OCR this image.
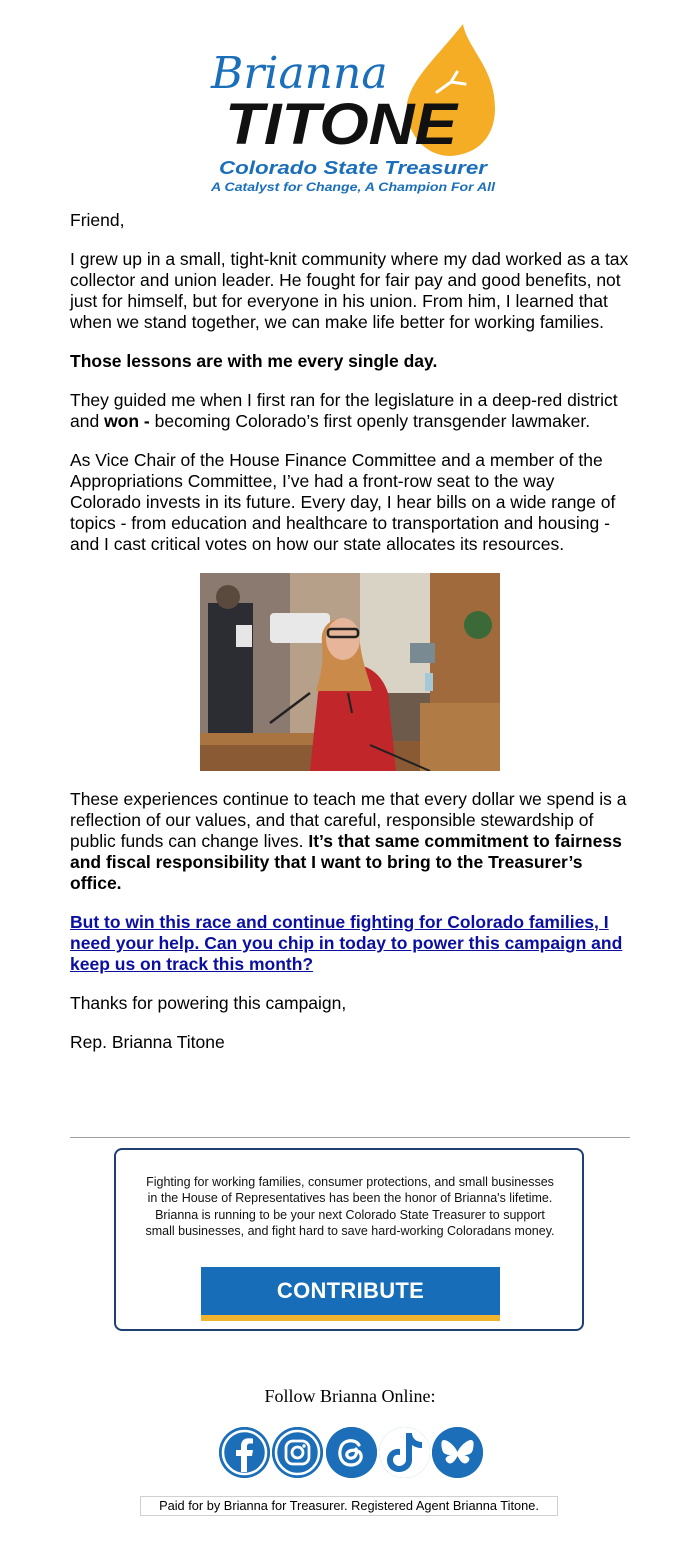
Brianna
TITONE
Colorado State Treasurer
A Catalyst for Change, A Champion For All

Friend,

I grew up in a small, tight-knit community where my dad worked as a tax collector and union leader. He fought for fair pay and good benefits, not just for himself, but for everyone in his union. From him, I learned that when we stand together, we can make life better for working families.

Those lessons are with me every single day.

They guided me when I first ran for the legislature in a deep-red district and won - becoming Colorado’s first openly transgender lawmaker.

As Vice Chair of the House Finance Committee and a member of the Appropriations Committee, I’ve had a front-row seat to the way Colorado invests in its future. Every day, I hear bills on a wide range of topics - from education and healthcare to transportation and housing - and I cast critical votes on how our state allocates its resources.

These experiences continue to teach me that every dollar we spend is a reflection of our values, and that careful, responsible stewardship of public funds can change lives. It’s that same commitment to fairness and fiscal responsibility that I want to bring to the Treasurer’s office.

But to win this race and continue fighting for Colorado families, I need your help. Can you chip in today to power this campaign and keep us on track this month?

Thanks for powering this campaign,

Rep. Brianna Titone

Fighting for working families, consumer protections, and small businesses in the House of Representatives has been the honor of Brianna's lifetime. Brianna is running to be your next Colorado State Treasurer to support small businesses, and fight hard to save hard-working Coloradans money.
CONTRIBUTE
Follow Brianna Online:
Paid for by Brianna for Treasurer. Registered Agent Brianna Titone.
